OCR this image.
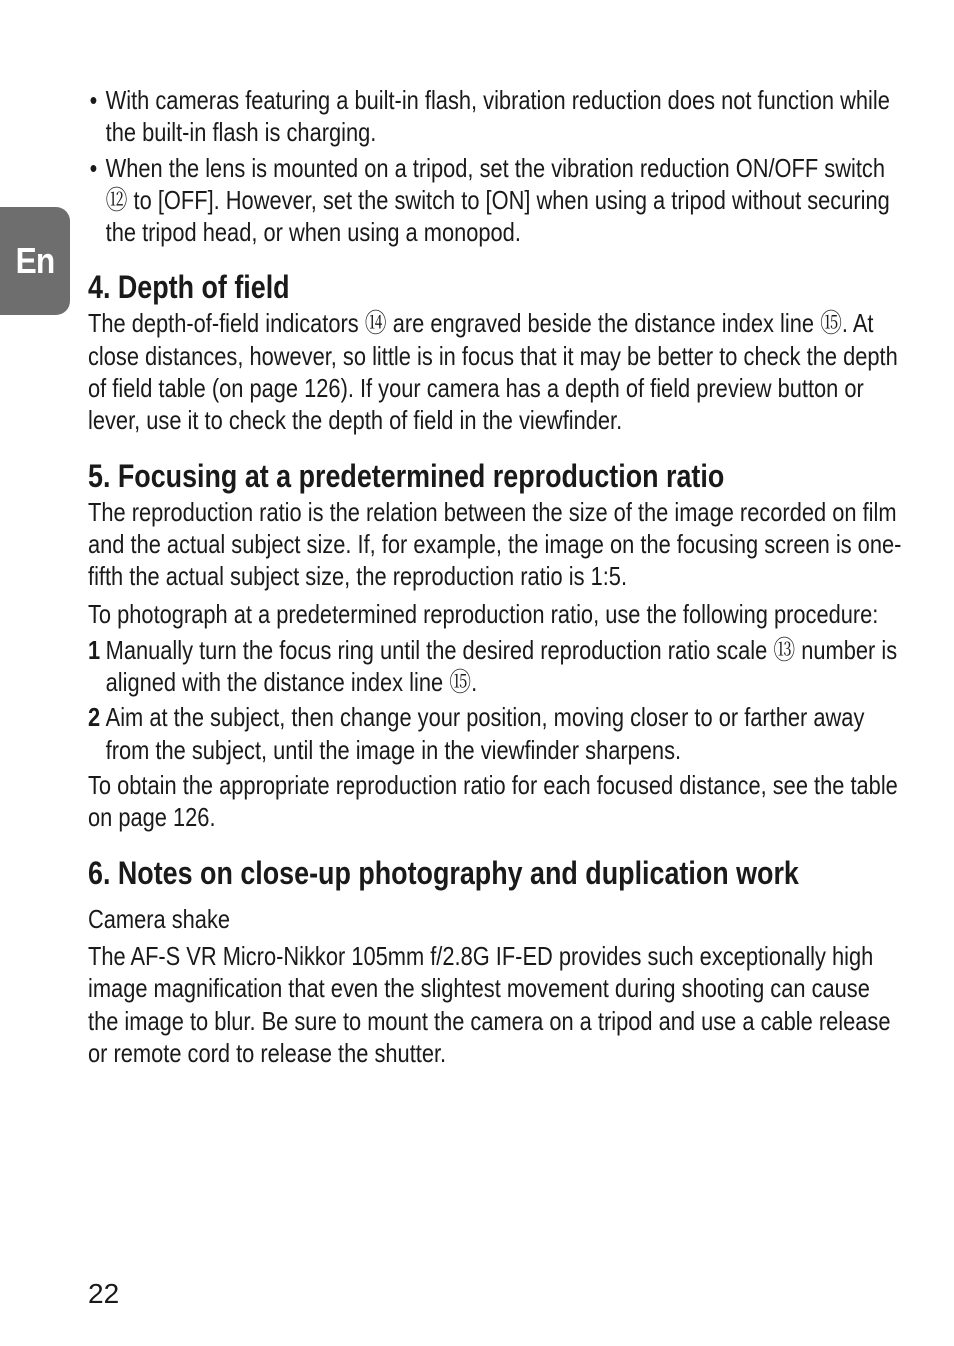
En
• With cameras featuring a built-in flash, vibration reduction does not function while the built-in flash is charging.
• When the lens is mounted on a tripod, set the vibration reduction ON/OFF switch ⑫ to [OFF]. However, set the switch to [ON] when using a tripod without securing the tripod head, or when using a monopod.
4. Depth of field

The depth-of-field indicators ⑭ are engraved beside the distance index line ⑮. At close distances, however, so little is in focus that it may be better to check the depth of field table (on page 126). If your camera has a depth of field preview button or lever, use it to check the depth of field in the viewfinder.

5. Focusing at a predetermined reproduction ratio

The reproduction ratio is the relation between the size of the image recorded on film and the actual subject size. If, for example, the image on the focusing screen is one-fifth the actual subject size, the reproduction ratio is 1:5.

To photograph at a predetermined reproduction ratio, use the following procedure:

1 Manually turn the focus ring until the desired reproduction ratio scale ⑬ number is aligned with the distance index line ⑮.
2 Aim at the subject, then change your position, moving closer to or farther away from the subject, until the image in the viewfinder sharpens.

To obtain the appropriate reproduction ratio for each focused distance, see the table on page 126.

6. Notes on close-up photography and duplication work
Camera shake

The AF-S VR Micro-Nikkor 105mm f/2.8G IF-ED provides such exceptionally high image magnification that even the slightest movement during shooting can cause the image to blur. Be sure to mount the camera on a tripod and use a cable release or remote cord to release the shutter.

22
